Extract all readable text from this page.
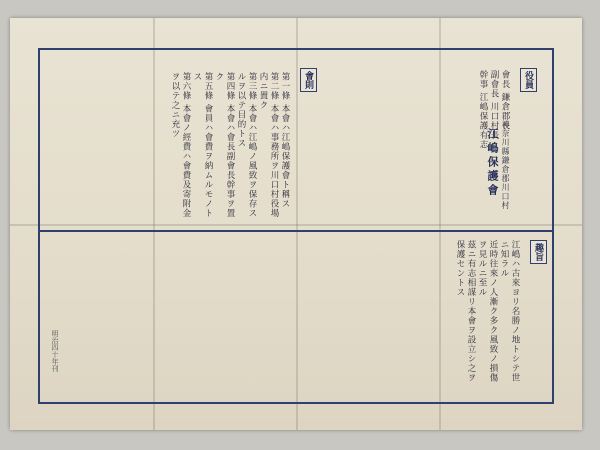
神奈川縣鎌倉郡川口村
江嶋保護會
役員
會長 鎌倉郡長
副會長 川口村長
幹事 江嶋保護有志
會則
第一條 本會ハ江嶋保護會ト稱ス
第二條 本會ハ事務所ヲ川口村役場内ニ置ク
第三條 本會ハ江嶋ノ風致ヲ保存スルヲ以テ目的トス
第四條 本會ハ會長副會長幹事ヲ置ク
第五條 會員ハ會費ヲ納ムルモノトス
第六條 本會ノ經費ハ會費及寄附金ヲ以テ之ニ充ツ
趣旨
江嶋ハ古來ヨリ名勝ノ地トシテ世ニ知ラル
近時往來ノ人漸ク多ク風致ノ損傷ヲ見ルニ至ル
茲ニ有志相謀リ本會ヲ設立シ之ヲ保護セントス
明治四十年刊
